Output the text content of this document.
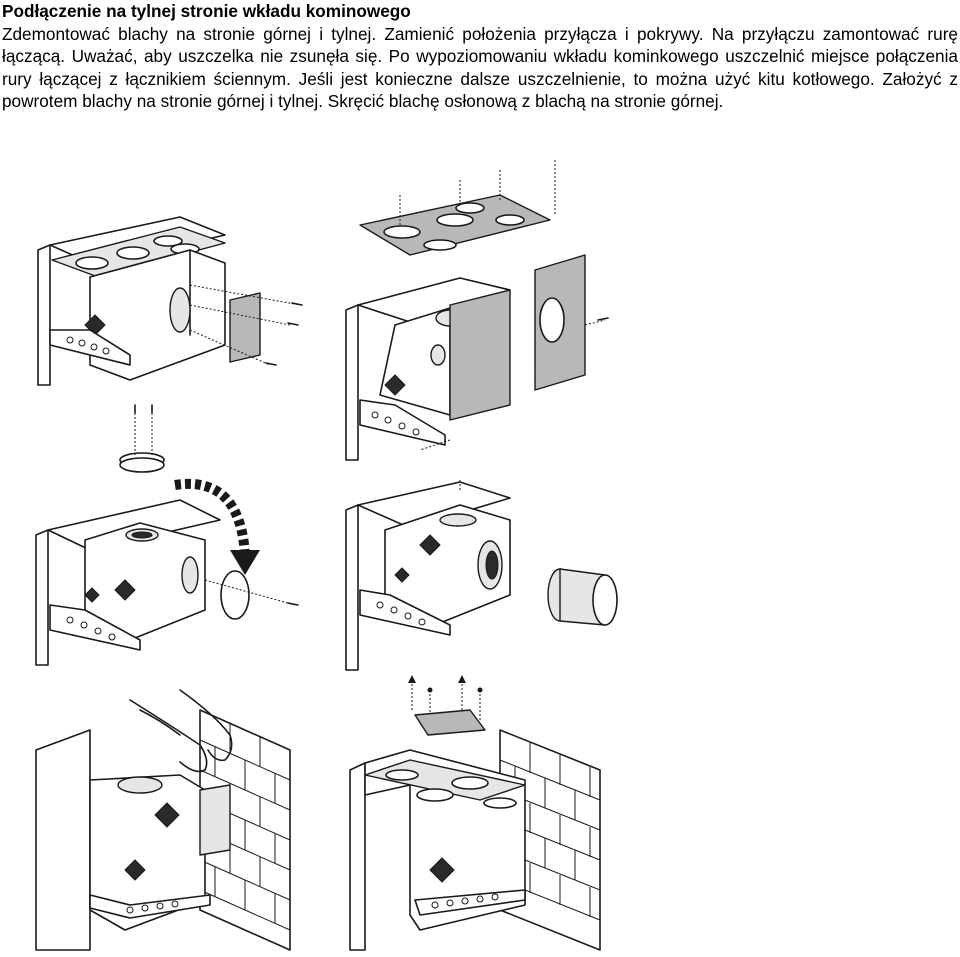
Podłączenie na tylnej stronie wkładu kominowego

Zdemontować blachy na stronie górnej i tylnej. Zamienić położenia przyłącza i pokrywy. Na przyłączu zamontować rurę łączącą. Uważać, aby uszczelka nie zsunęła się. Po wypoziomowaniu wkładu kominkowego uszczelnić miejsce połączenia rury łączącej z łącznikiem ściennym. Jeśli jest konieczne dalsze uszczelnienie, to można użyć kitu kotłowego. Założyć z powrotem blachy na stronie górnej i tylnej. Skręcić blachę osłonową z blachą na stronie górnej.
